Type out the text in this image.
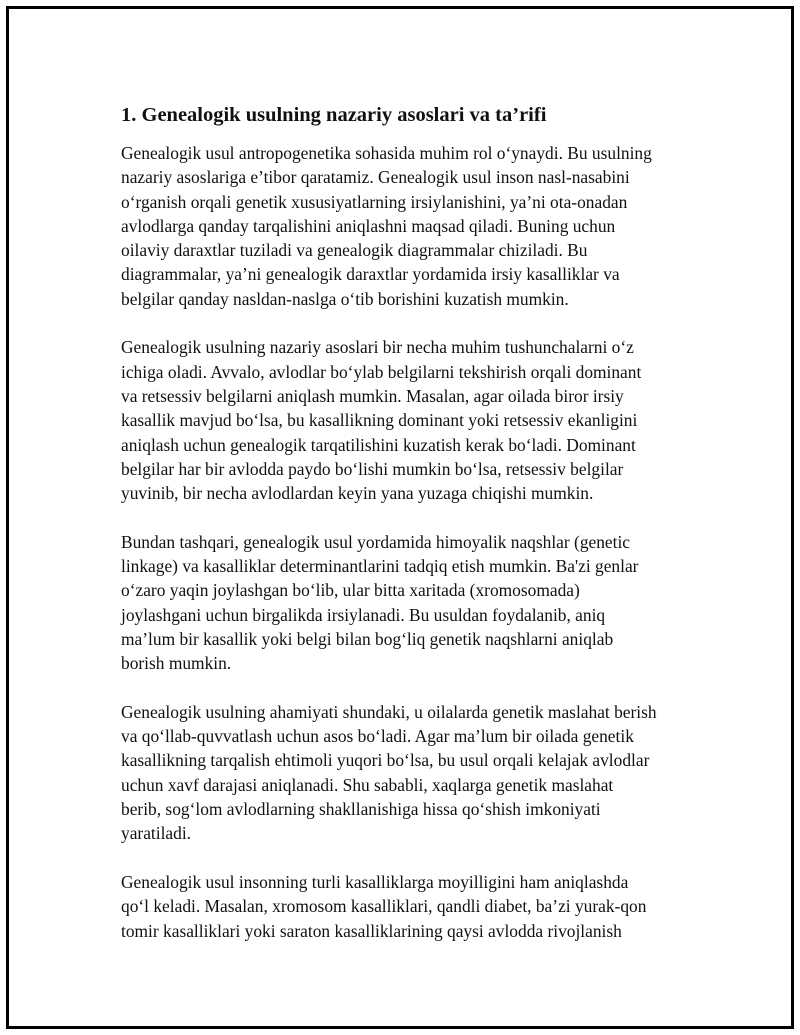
1. Genealogik usulning nazariy asoslari va ta’rifi
Genealogik usul antropogenetika sohasida muhim rol o‘ynaydi. Bu usulning
nazariy asoslariga e’tibor qaratamiz. Genealogik usul inson nasl-nasabini
o‘rganish orqali genetik xususiyatlarning irsiylanishini, ya’ni ota-onadan
avlodlarga qanday tarqalishini aniqlashni maqsad qiladi. Buning uchun
oilaviy daraxtlar tuziladi va genealogik diagrammalar chiziladi. Bu
diagrammalar, ya’ni genealogik daraxtlar yordamida irsiy kasalliklar va
belgilar qanday nasldan-naslga o‘tib borishini kuzatish mumkin.
Genealogik usulning nazariy asoslari bir necha muhim tushunchalarni o‘z
ichiga oladi. Avvalo, avlodlar bo‘ylab belgilarni tekshirish orqali dominant
va retsessiv belgilarni aniqlash mumkin. Masalan, agar oilada biror irsiy
kasallik mavjud bo‘lsa, bu kasallikning dominant yoki retsessiv ekanligini
aniqlash uchun genealogik tarqatilishini kuzatish kerak bo‘ladi. Dominant
belgilar har bir avlodda paydo bo‘lishi mumkin bo‘lsa, retsessiv belgilar
yuvinib, bir necha avlodlardan keyin yana yuzaga chiqishi mumkin.
Bundan tashqari, genealogik usul yordamida himoyalik naqshlar (genetic
linkage) va kasalliklar determinantlarini tadqiq etish mumkin. Ba'zi genlar
o‘zaro yaqin joylashgan bo‘lib, ular bitta xaritada (xromosomada)
joylashgani uchun birgalikda irsiylanadi. Bu usuldan foydalanib, aniq
ma’lum bir kasallik yoki belgi bilan bog‘liq genetik naqshlarni aniqlab
borish mumkin.
Genealogik usulning ahamiyati shundaki, u oilalarda genetik maslahat berish
va qo‘llab-quvvatlash uchun asos bo‘ladi. Agar ma’lum bir oilada genetik
kasallikning tarqalish ehtimoli yuqori bo‘lsa, bu usul orqali kelajak avlodlar
uchun xavf darajasi aniqlanadi. Shu sababli, xaqlarga genetik maslahat
berib, sog‘lom avlodlarning shakllanishiga hissa qo‘shish imkoniyati
yaratiladi.
Genealogik usul insonning turli kasalliklarga moyilligini ham aniqlashda
qo‘l keladi. Masalan, xromosom kasalliklari, qandli diabet, ba’zi yurak-qon
tomir kasalliklari yoki saraton kasalliklarining qaysi avlodda rivojlanish
